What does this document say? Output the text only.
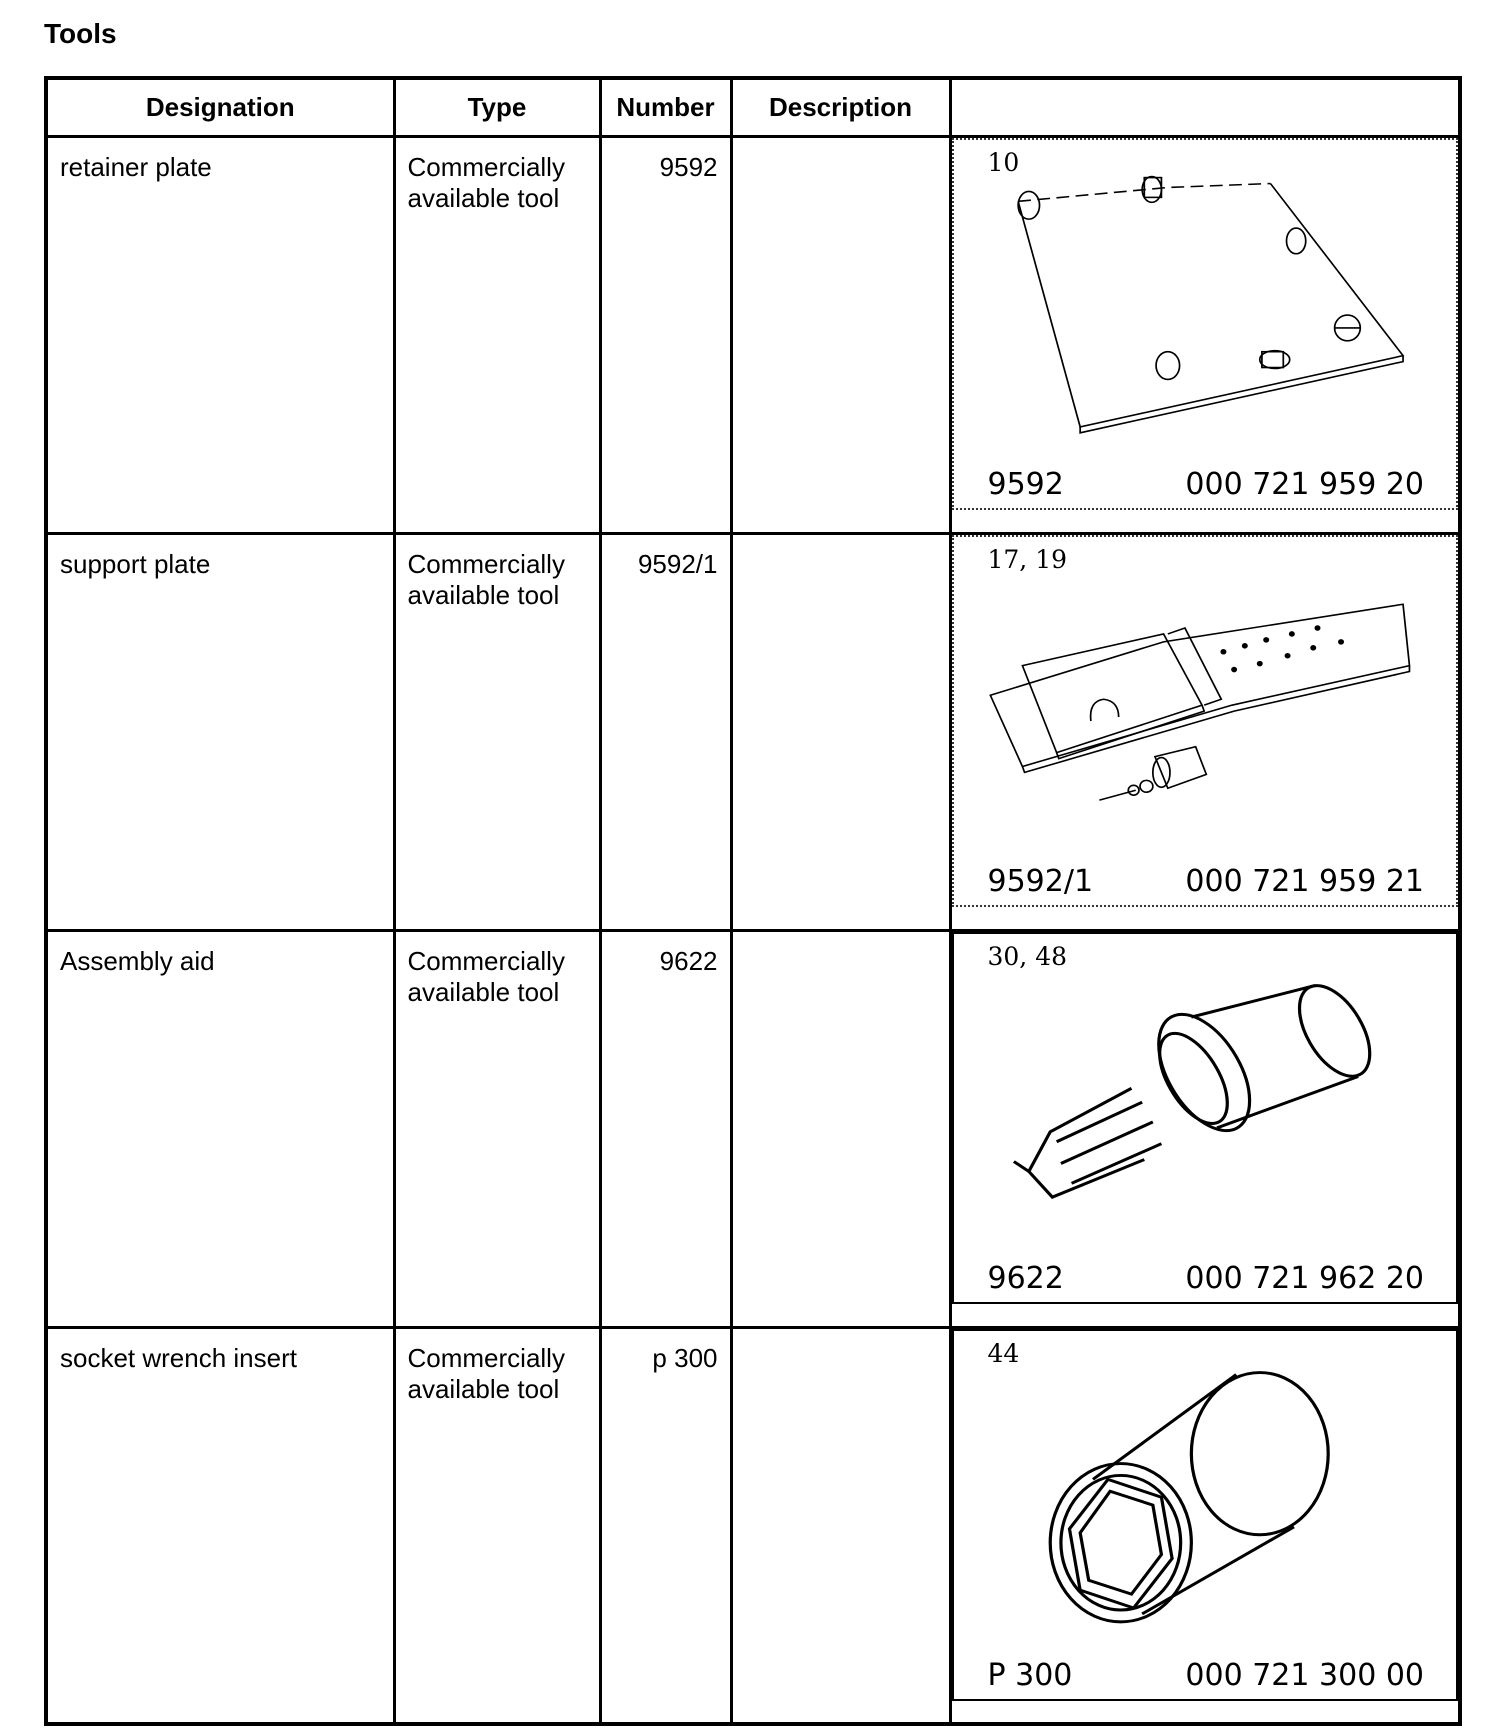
Tools
Designation	Type	Number	Description	

retainer plate	Commercially available tool	9592		10
9592 000 721 959 20

support plate	Commercially available tool	9592/1		17, 19
9592/1 000 721 959 21

Assembly aid	Commercially available tool	9622		30, 48
9622 000 721 962 20

socket wrench insert	Commercially available tool	p 300		44
P 300 000 721 300 00
